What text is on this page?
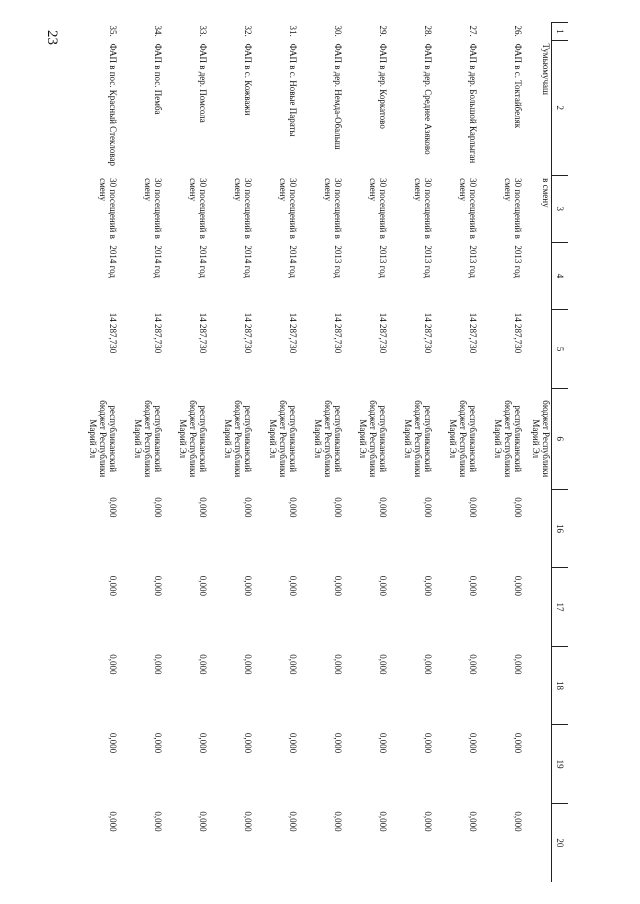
23	1	2	3	4	5	6	16	17	18	19	20
	Тумьюмучаш	в смену			бюджет Республики Марий Эл					
26.	ФАП в с. Токтайбеляк	30 посещений в смену	2013 год	14 287,730	республиканский бюджет Республики Марий Эл	0,000	0,000	0,000	0,000	0,000
27.	ФАП в дер. Большой Карлыган	30 посещений в смену	2013 год	14 287,730	республиканский бюджет Республики Марий Эл	0,000	0,000	0,000	0,000	0,000
28.	ФАП в дер. Среднее Азяково	30 посещений в смену	2013 год	14 287,730	республиканский бюджет Республики Марий Эл	0,000	0,000	0,000	0,000	0,000
29.	ФАП в дер. Коркатово	30 посещений в смену	2013 год	14 287,730	республиканский бюджет Республики Марий Эл	0,000	0,000	0,000	0,000	0,000
30.	ФАП в дер. Немда-Обалыш	30 посещений в смену	2013 год	14 287,730	республиканский бюджет Республики Марий Эл	0,000	0,000	0,000	0,000	0,000
31.	ФАП в с. Новые Параты	30 посещений в смену	2014 год	14 287,730	республиканский бюджет Республики Марий Эл	0,000	0,000	0,000	0,000	0,000
32.	ФАП в с. Кожважи	30 посещений в смену	2014 год	14 287,730	республиканский бюджет Республики Марий Эл	0,000	0,000	0,000	0,000	0,000
33.	ФАП в дер. Помсола	30 посещений в смену	2014 год	14 287,730	республиканский бюджет Республики Марий Эл	0,000	0,000	0,000	0,000	0,000
34.	ФАП в пос. Пемба	30 посещений в смену	2014 год	14 287,730	республиканский бюджет Республики Марий Эл	0,000	0,000	0,000	0,000	0,000
35.	ФАП в пос. Красный Стекловар	30 посещений в смену	2014 год	14 287,730	республиканский бюджет Республики Марий Эл	0,000	0,000	0,000	0,000	0,000
